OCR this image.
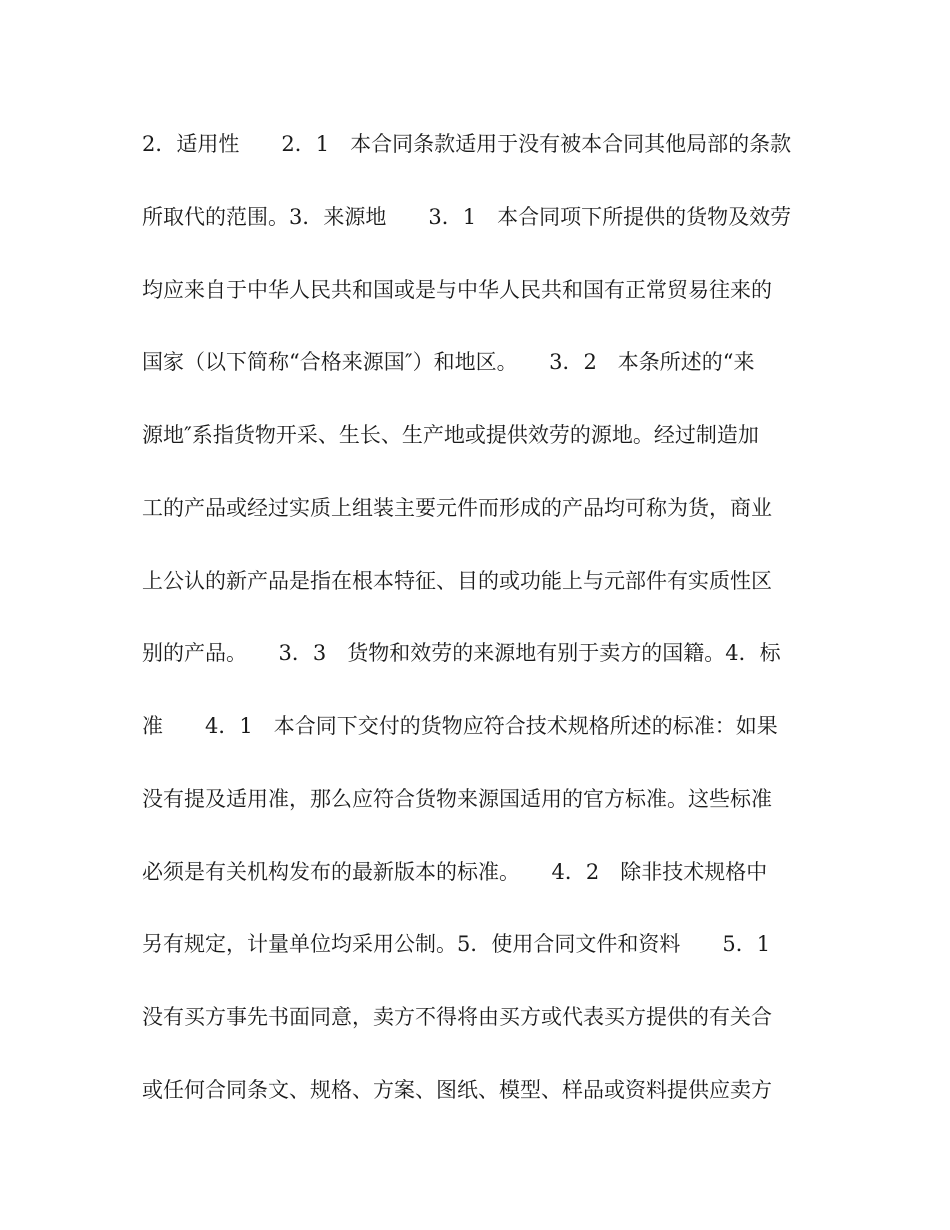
2．适用性　　2．1　本合同条款适用于没有被本合同其他局部的条款
所取代的范围。3．来源地　　3．1　本合同项下所提供的货物及效劳
均应来自于中华人民共和国或是与中华人民共和国有正常贸易往来的
国家（以下简称“合格来源国″）和地区。　　3．2　本条所述的“来
源地″系指货物开采、生长、生产地或提供效劳的源地。经过制造加
工的产品或经过实质上组装主要元件而形成的产品均可称为货，商业
上公认的新产品是指在根本特征、目的或功能上与元部件有实质性区
别的产品。　　3．3　货物和效劳的来源地有别于卖方的国籍。4．标
准　　4．1　本合同下交付的货物应符合技术规格所述的标准：如果
没有提及适用准，那么应符合货物来源国适用的官方标准。这些标准
必须是有关机构发布的最新版本的标准。　　4．2　除非技术规格中
另有规定，计量单位均采用公制。5．使用合同文件和资料　　5．1
没有买方事先书面同意，卖方不得将由买方或代表买方提供的有关合
或任何合同条文、规格、方案、图纸、模型、样品或资料提供应卖方
